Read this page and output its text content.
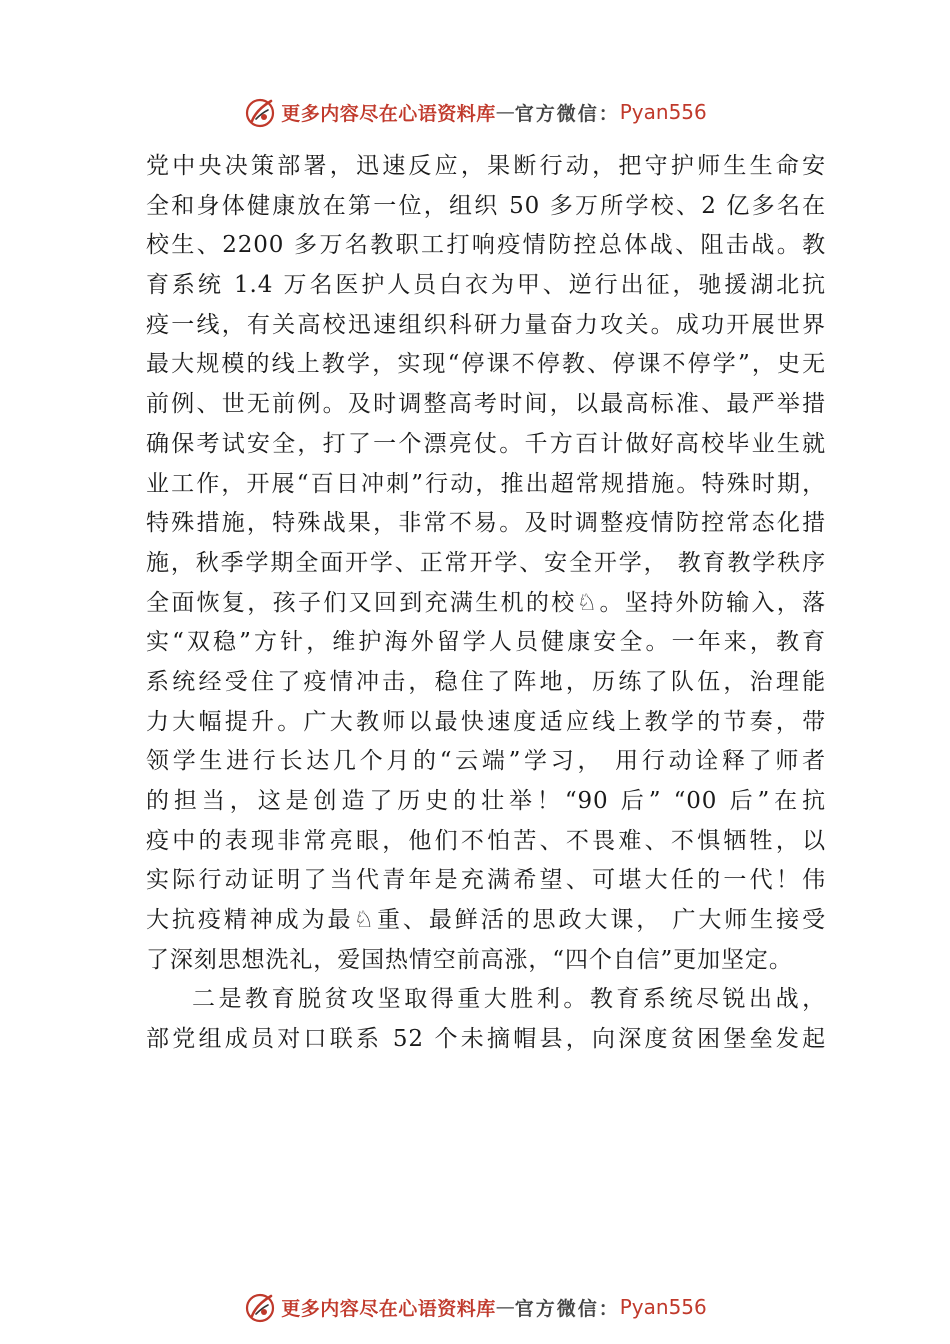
更多内容尽在心语资料库 — 官方微信： Pyan556
党中央决策部署，迅速反应，果断行动，把守护师生生命安
全和身体健康放在第一位，组织 50 多万所学校、2 亿多名在
校生、2200 多万名教职工打响疫情防控总体战、阻击战。教
育系统 1.4 万名医护人员白衣为甲、逆行出征，驰援湖北抗
疫一线，有关高校迅速组织科研力量奋力攻关。成功开展世界
最大规模的线上教学，实现“停课不停教、停课不停学”，史无
前例、世无前例。及时调整高考时间，以最高标准、最严举措
确保考试安全，打了一个漂亮仗。千方百计做好高校毕业生就
业工作，开展“百日冲刺”行动，推出超常规措施。特殊时期，
特殊措施，特殊战果，非常不易。及时调整疫情防控常态化措
施，秋季学期全面开学、正常开学、安全开学， 教育教学秩序
全面恢复，孩子们又回到充满生机的校♘。坚持外防输入，落
实“双稳”方针，维护海外留学人员健康安全。一年来，教育
系统经受住了疫情冲击，稳住了阵地，历练了队伍，治理能
力大幅提升。广大教师以最快速度适应线上教学的节奏，带
领学生进行长达几个月的“云端”学习， 用行动诠释了师者
的担当，这是创造了历史的壮举！“90 后” “00 后”在抗
疫中的表现非常亮眼，他们不怕苦、不畏难、不惧牺牲，以
实际行动证明了当代青年是充满希望、可堪大任的一代！伟
大抗疫精神成为最♘重、最鲜活的思政大课， 广大师生接受
了深刻思想洗礼，爱国热情空前高涨，“四个自信”更加坚定。
二是教育脱贫攻坚取得重大胜利。教育系统尽锐出战，
部党组成员对口联系 52 个未摘帽县，向深度贫困堡垒发起
更多内容尽在心语资料库 — 官方微信： Pyan556
